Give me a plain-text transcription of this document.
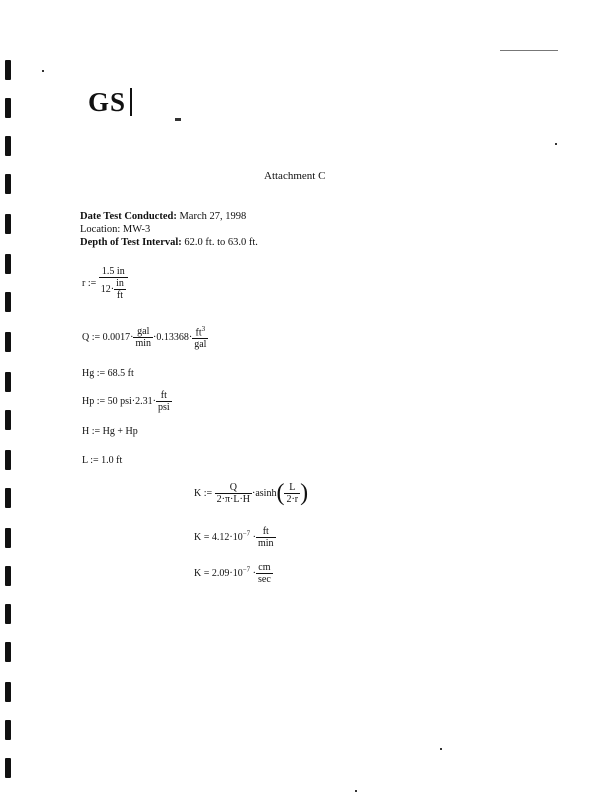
GS
Attachment C
Date Test Conducted: March 27, 1998
Location: MW-3
Depth of Test Interval: 62.0 ft. to 63.0 ft.
r := $\frac{1.5 in}{12\cdot \frac{in}{ft}}$
Q := $0.0017\cdot \frac{\text{gal}}{\min} \cdot 0.13368\cdot \frac{ft^3}{\text{gal}}$
Hg := 68.5 ft
Hp := 50 $psi\cdot 2.31\cdot \frac{ft}{\text{psi}}$
H := Hg + Hp
L := 1.0 ft
K := $\frac{Q}{2\cdot\pi\cdot L\cdot H} \cdot asinh( \frac{L}{2\cdot r}$ )
$K = 4.12\cdot 10^{-7} \cdot \frac{ft}{\min}$
$K = 2.09\cdot 10^{-7} \cdot \frac{cm}{\sec}$
